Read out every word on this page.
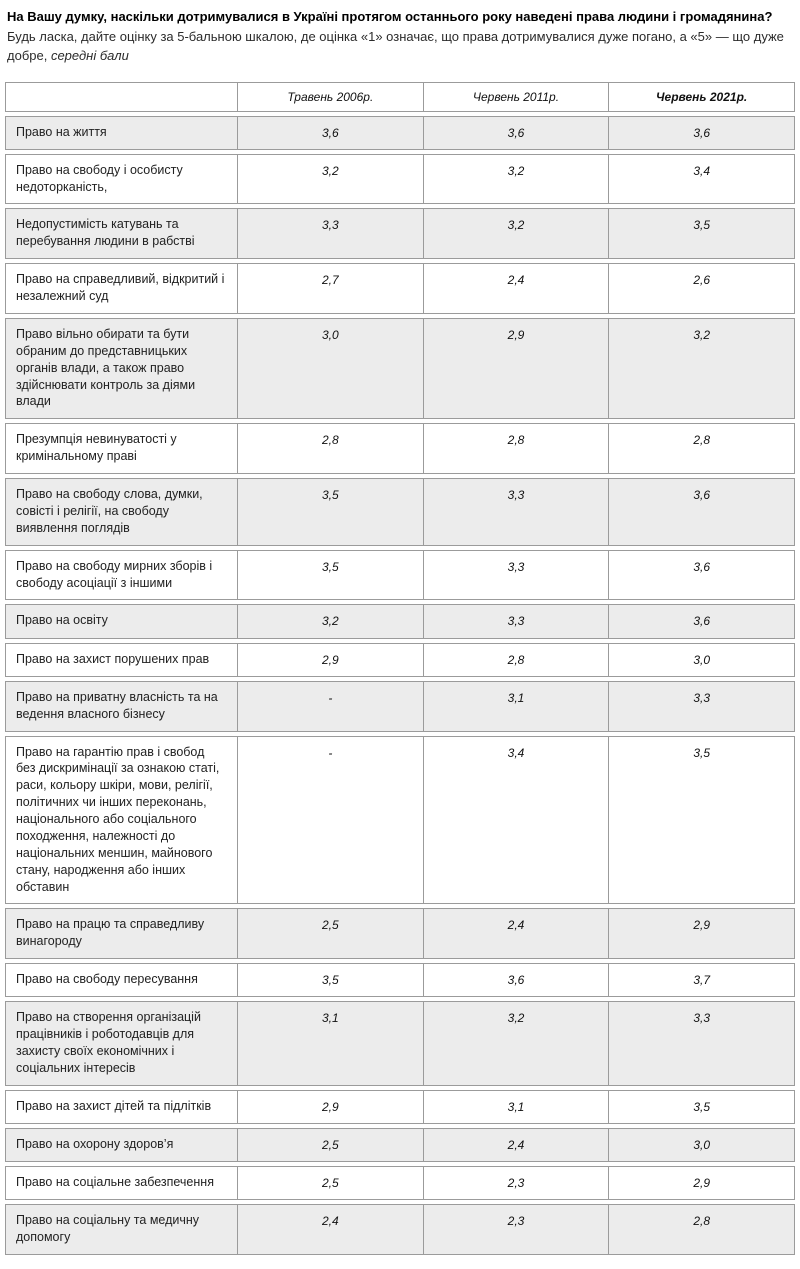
На Вашу думку, наскільки дотримувалися в Україні протягом останнього року наведені права людини і громадянина? Будь ласка, дайте оцінку за 5-бальною шкалою, де оцінка «1» означає, що права дотримувалися дуже погано, а «5» — що дуже добре, середні бали
	Травень 2006р.	Червень 2011р.	Червень 2021р.
Право на життя	3,6	3,6	3,6
Право на свободу і особисту недоторканість,	3,2	3,2	3,4
Недопустимість катувань та перебування людини в рабстві	3,3	3,2	3,5
Право на справедливий, відкритий і незалежний суд	2,7	2,4	2,6
Право вільно обирати та бути обраним до представницьких органів влади, а також право здійснювати контроль за діями влади	3,0	2,9	3,2
Презумпція невинуватості у кримінальному праві	2,8	2,8	2,8
Право на свободу слова, думки, совісті і релігії, на свободу виявлення поглядів	3,5	3,3	3,6
Право на свободу мирних зборів і свободу асоціації з іншими	3,5	3,3	3,6
Право на освіту	3,2	3,3	3,6
Право на захист порушених прав	2,9	2,8	3,0
Право на приватну власність та на ведення власного бізнесу	-	3,1	3,3
Право на гарантію прав і свобод без дискримінації за ознакою статі, раси, кольору шкіри, мови, релігії, політичних чи інших переконань, національного або соціального походження, належності до національних меншин, майнового стану, народження або інших обставин	-	3,4	3,5
Право на працю та справедливу винагороду	2,5	2,4	2,9
Право на свободу пересування	3,5	3,6	3,7
Право на створення організацій працівників і роботодавців для захисту своїх економічних і соціальних інтересів	3,1	3,2	3,3
Право на захист дітей та підлітків	2,9	3,1	3,5
Право на охорону здоров’я	2,5	2,4	3,0
Право на соціальне забезпечення	2,5	2,3	2,9
Право на соціальну та медичну допомогу	2,4	2,3	2,8
